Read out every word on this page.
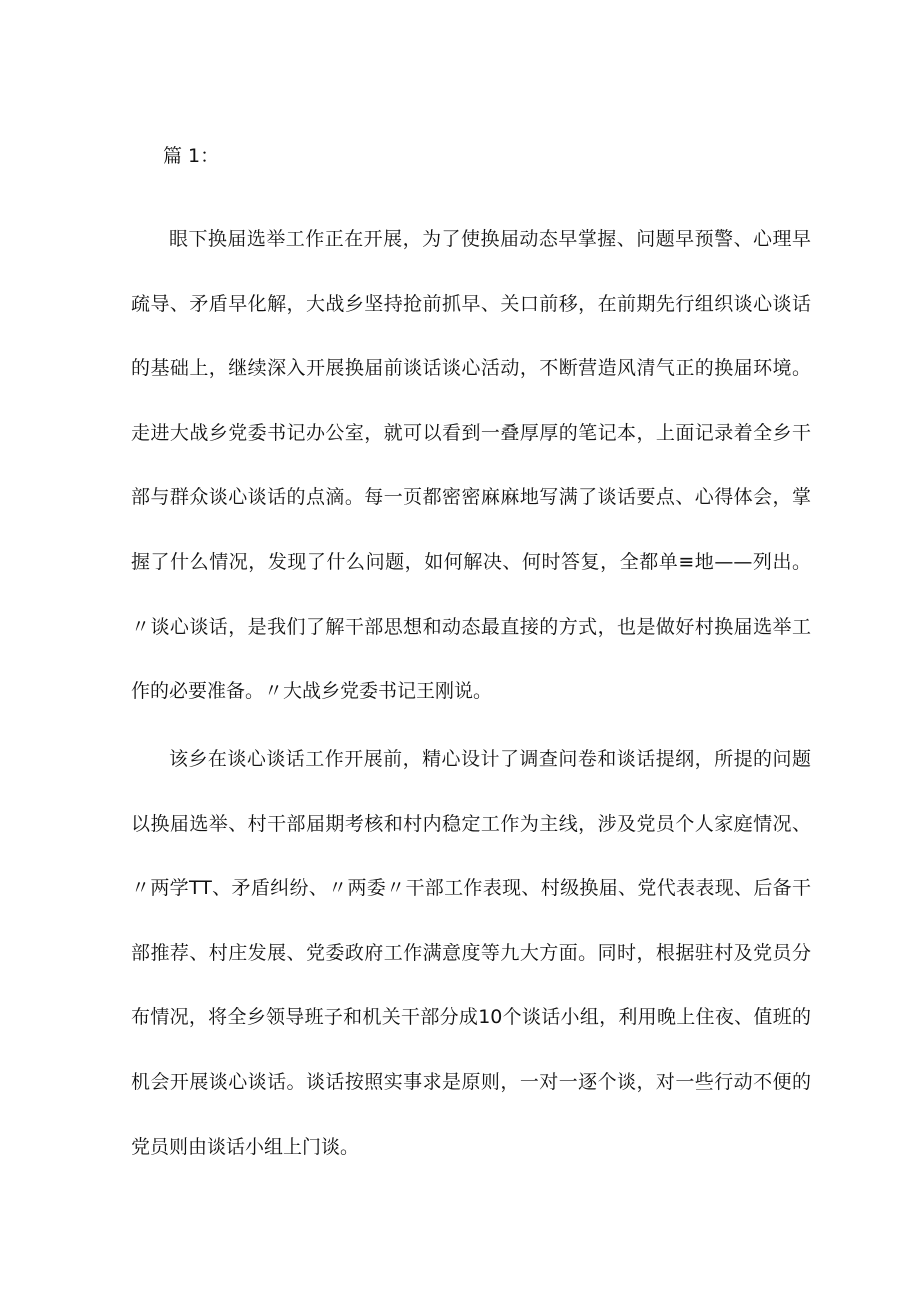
篇 1：

眼下换届选举工作正在开展，为了使换届动态早掌握、问题早预警、心理早疏导、矛盾早化解，大战乡坚持抢前抓早、关口前移，在前期先行组织谈心谈话的基础上，继续深入开展换届前谈话谈心活动，不断营造风清气正的换届环境。走进大战乡党委书记办公室，就可以看到一叠厚厚的笔记本，上面记录着全乡干部与群众谈心谈话的点滴。每一页都密密麻麻地写满了谈话要点、心得体会，掌握了什么情况，发现了什么问题，如何解决、何时答复，全都单≡地——列出。〃谈心谈话，是我们了解干部思想和动态最直接的方式，也是做好村换届选举工作的必要准备。〃大战乡党委书记王刚说。

该乡在谈心谈话工作开展前，精心设计了调查问卷和谈话提纲，所提的问题以换届选举、村干部届期考核和村内稳定工作为主线，涉及党员个人家庭情况、〃两学TT、矛盾纠纷、〃两委〃干部工作表现、村级换届、党代表表现、后备干部推荐、村庄发展、党委政府工作满意度等九大方面。同时，根据驻村及党员分布情况，将全乡领导班子和机关干部分成10个谈话小组，利用晚上住夜、值班的机会开展谈心谈话。谈话按照实事求是原则，一对一逐个谈，对一些行动不便的党员则由谈话小组上门谈。
